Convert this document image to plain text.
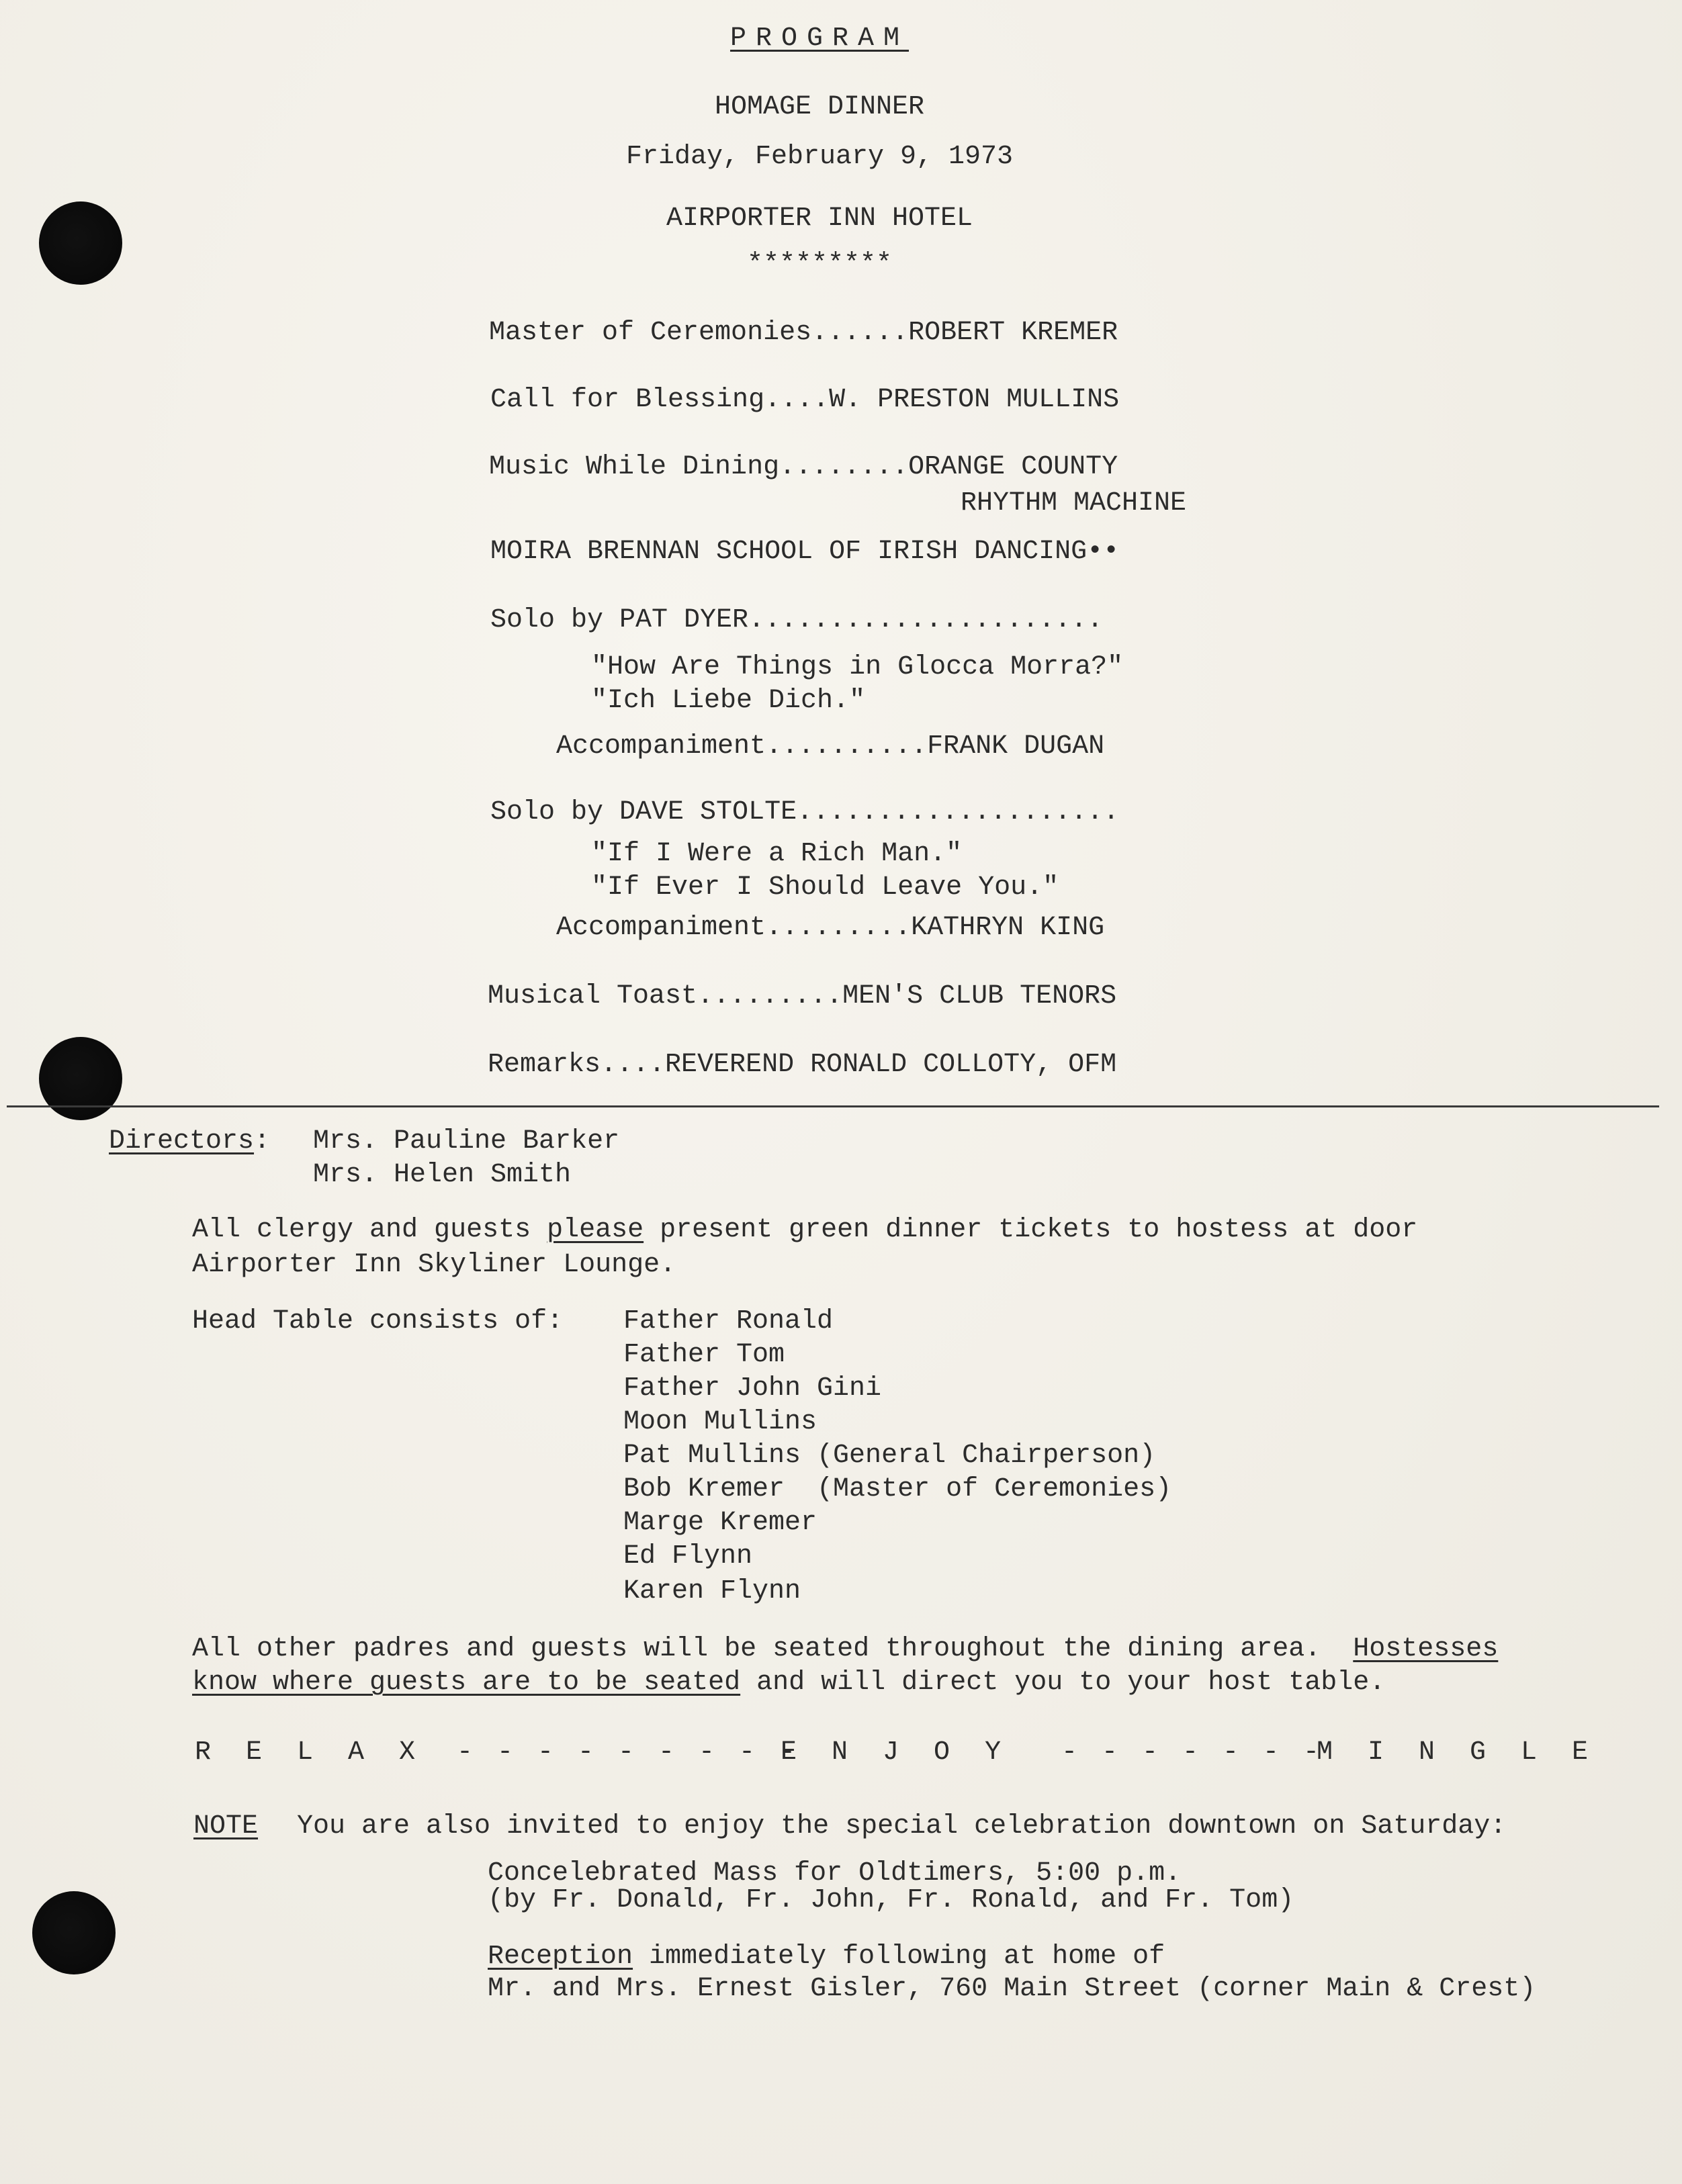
PROGRAM
HOMAGE DINNER
Friday, February 9, 1973
AIRPORTER INN HOTEL
*********
Master of Ceremonies......ROBERT KREMER
Call for Blessing....W. PRESTON MULLINS
Music While Dining........ORANGE COUNTY
RHYTHM MACHINE
MOIRA BRENNAN SCHOOL OF IRISH DANCING••
Solo by PAT DYER......................
"How Are Things in Glocca Morra?"
"Ich Liebe Dich."
Accompaniment..........FRANK DUGAN
Solo by DAVE STOLTE....................
"If I Were a Rich Man."
"If Ever I Should Leave You."
Accompaniment.........KATHRYN KING
Musical Toast.........MEN'S CLUB TENORS
Remarks....REVEREND RONALD COLLOTY, OFM
Directors: Mrs. Pauline Barker
Mrs. Helen Smith
All clergy and guests please present green dinner tickets to hostess at door
Airporter Inn Skyliner Lounge.
Head Table consists of: Father Ronald
Father Tom
Father John Gini
Moon Mullins
Pat Mullins (General Chairperson)
Bob Kremer  (Master of Ceremonies)
Marge Kremer
Ed Flynn
Karen Flynn
All other padres and guests will be seated throughout the dining area.  Hostesses
know where guests are to be seated and will direct you to your host table.
R E L A X - - - - - - - - -
E N J O Y - - - - - - -
M I N G L E
NOTE You are also invited to enjoy the special celebration downtown on Saturday:
Concelebrated Mass for Oldtimers, 5:00 p.m.
(by Fr. Donald, Fr. John, Fr. Ronald, and Fr. Tom)
Reception immediately following at home of
Mr. and Mrs. Ernest Gisler, 760 Main Street (corner Main & Crest)
